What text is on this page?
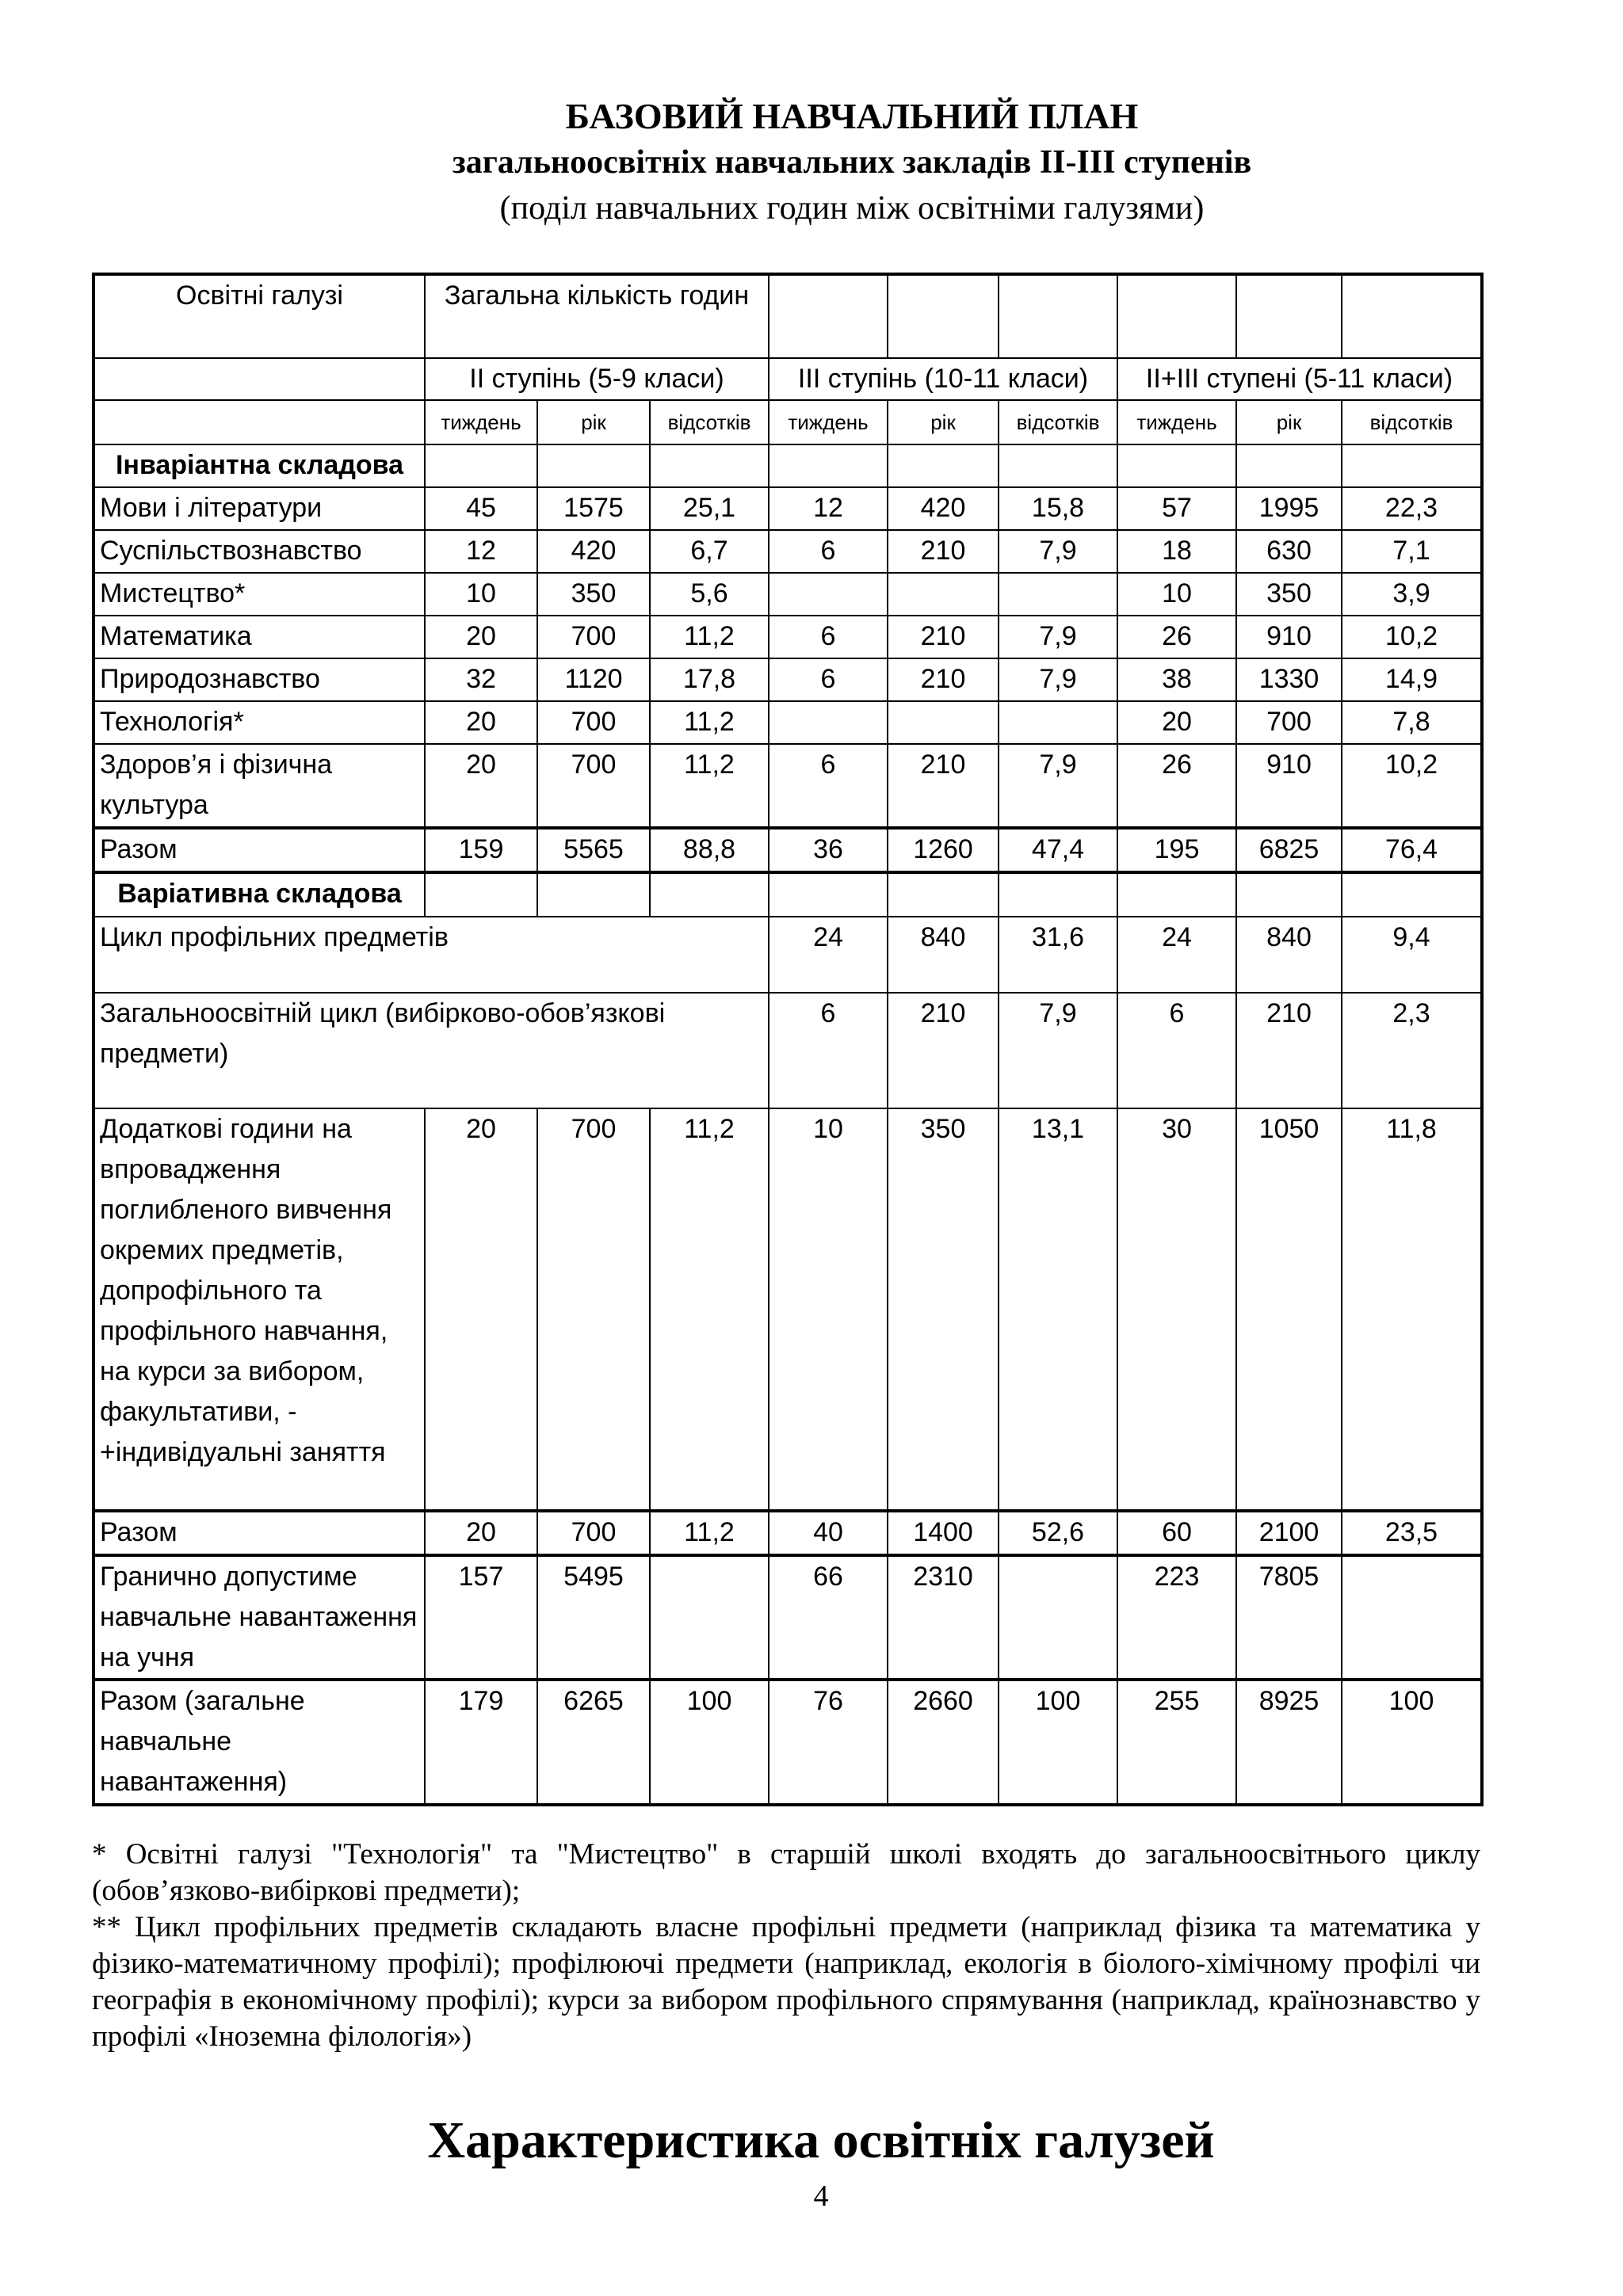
БАЗОВИЙ НАВЧАЛЬНИЙ ПЛАН
загальноосвітніх навчальних закладів ІІ-ІІІ ступенів
(поділ навчальних годин між освітніми галузями)
Освітні галузі	Загальна кількість годин								
	ІІ ступінь (5-9 класи)			ІІІ ступінь (10-11 класи)			ІІ+ІІІ ступені (5-11 класи)		
	тиждень	рік	відсотків	тиждень	рік	відсотків	тиждень	рік	відсотків
Інваріантна складова									
Мови і літератури	45	1575	25,1	12	420	15,8	57	1995	22,3
Суспільствознавство	12	420	6,7	6	210	7,9	18	630	7,1
Мистецтво*	10	350	5,6				10	350	3,9
Математика	20	700	11,2	6	210	7,9	26	910	10,2
Природознавство	32	1120	17,8	6	210	7,9	38	1330	14,9
Технологія*	20	700	11,2				20	700	7,8
Здоров’я і фізична культура	20	700	11,2	6	210	7,9	26	910	10,2
Разом	159	5565	88,8	36	1260	47,4	195	6825	76,4
Варіативна складова									
Цикл профільних предметів				24	840	31,6	24	840	9,4
Загальноосвітній цикл (вибірково-обов’язкові предмети)				6	210	7,9	6	210	2,3
Додаткові години на впровадження поглибленого вивчення окремих предметів, допрофільного та профільного навчання, на курси за вибором, факультативи, -+індивідуальні заняття	20	700	11,2	10	350	13,1	30	1050	11,8
Разом	20	700	11,2	40	1400	52,6	60	2100	23,5
Гранично допустиме навчальне навантаження на учня	157	5495		66	2310		223	7805	
Разом (загальне навчальне навантаження)	179	6265	100	76	2660	100	255	8925	100

* Освітні галузі "Технологія" та "Мистецтво" в старшій школі входять до загальноосвітнього циклу (обов’язково-вибіркові предмети);

** Цикл профільних предметів складають власне профільні предмети (наприклад фізика та математика у фізико-математичному профілі); профілюючі предмети (наприклад, екологія в біолого-хімічному профілі чи географія в економічному профілі); курси за вибором профільного спрямування (наприклад, країнознавство у профілі «Іноземна філологія»)

Характеристика освітніх галузей
4
